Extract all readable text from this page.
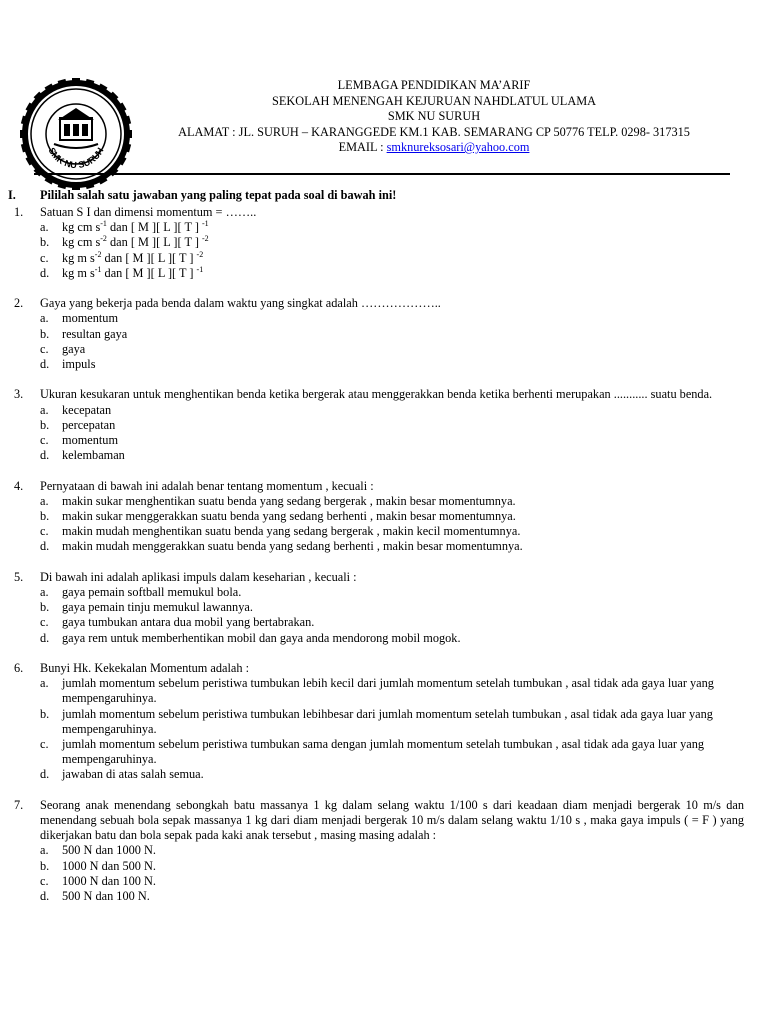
SMK NU SURUH
LEMBAGA PENDIDIKAN MA’ARIF
SEKOLAH MENENGAH KEJURUAN NAHDLATUL ULAMA
SMK NU SURUH
ALAMAT : JL. SURUH – KARANGGEDE KM.1 KAB. SEMARANG CP 50776 TELP. 0298- 317315
EMAIL : smknureksosari@yahoo.com
I. Pililah salah satu jawaban yang paling tepat pada soal di bawah ini!
1. Satuan S I dan dimensi momentum = ……..
a. kg cm $s^{-1}$ dan [ M ][ L ][ T ] $^{-1}$
b. kg cm $s^{-2}$ dan [ M ][ L ][ T ] $^{-2}$
c. kg m $s^{-2}$ dan [ M ][ L ][ T ] $^{-2}$
d. kg m $s^{-1}$ dan [ M ][ L ][ T ] $^{-1}$
2. Gaya yang bekerja pada benda dalam waktu yang singkat adalah ………………..
a. momentum
b. resultan gaya
c. gaya
d. impuls
3. Ukuran kesukaran untuk menghentikan benda ketika bergerak atau menggerakkan benda ketika berhenti merupakan ........... suatu benda.
a. kecepatan
b. percepatan
c. momentum
d. kelembaman
4. Pernyataan di bawah ini adalah benar tentang momentum , kecuali :
a. makin sukar menghentikan suatu benda yang sedang bergerak , makin besar momentumnya.
b. makin sukar menggerakkan suatu benda yang sedang berhenti , makin besar momentumnya.
c. makin mudah menghentikan suatu benda yang sedang bergerak , makin kecil momentumnya.
d. makin mudah menggerakkan suatu benda yang sedang berhenti , makin besar momentumnya.
5. Di bawah ini adalah aplikasi impuls dalam keseharian , kecuali :
a. gaya pemain softball memukul bola.
b. gaya pemain tinju memukul lawannya.
c. gaya tumbukan antara dua mobil yang bertabrakan.
d. gaya rem untuk memberhentikan mobil dan gaya anda mendorong mobil mogok.
6. Bunyi Hk. Kekekalan Momentum adalah :
a. jumlah momentum sebelum peristiwa tumbukan lebih kecil dari jumlah momentum setelah tumbukan , asal tidak ada gaya luar yang mempengaruhinya.
b. jumlah momentum sebelum peristiwa tumbukan lebihbesar dari jumlah momentum setelah tumbukan , asal tidak ada gaya luar yang mempengaruhinya.
c. jumlah momentum sebelum peristiwa tumbukan sama dengan jumlah momentum setelah tumbukan , asal tidak ada gaya luar yang mempengaruhinya.
d. jawaban di atas salah semua.
7. Seorang anak menendang sebongkah batu massanya 1 kg dalam selang waktu 1/100 s dari keadaan diam menjadi bergerak 10 m/s dan menendang sebuah bola sepak massanya 1 kg dari diam menjadi bergerak 10 m/s dalam selang waktu 1/10 s , maka gaya impuls ( = F ) yang dikerjakan batu dan bola sepak pada kaki anak tersebut , masing masing adalah :
a. 500 N dan 1000 N.
b. 1000 N dan 500 N.
c. 1000 N dan 100 N.
d. 500 N dan 100 N.
